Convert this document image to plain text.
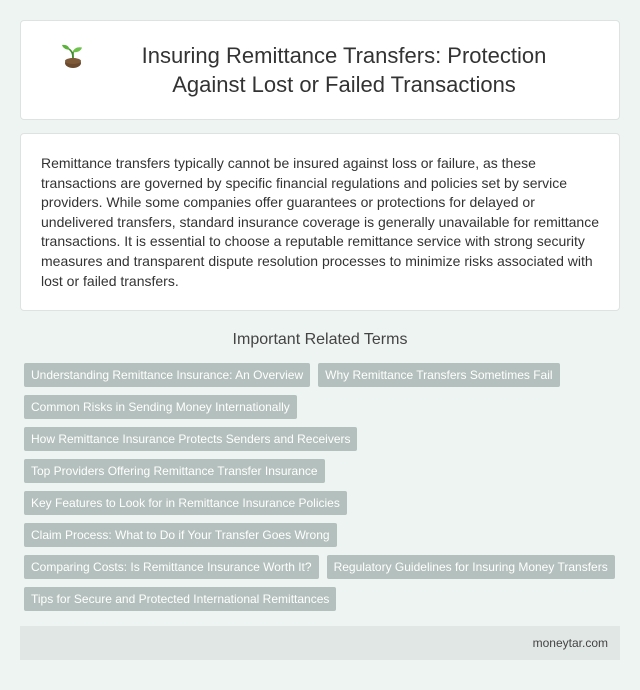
Insuring Remittance Transfers: Protection Against Lost or Failed Transactions

Remittance transfers typically cannot be insured against loss or failure, as these transactions are governed by specific financial regulations and policies set by service providers. While some companies offer guarantees or protections for delayed or undelivered transfers, standard insurance coverage is generally unavailable for remittance transactions. It is essential to choose a reputable remittance service with strong security measures and transparent dispute resolution processes to minimize risks associated with lost or failed transfers.

Important Related Terms
Understanding Remittance Insurance: An Overview	Why Remittance Transfers Sometimes Fail
Common Risks in Sending Money Internationally
How Remittance Insurance Protects Senders and Receivers
Top Providers Offering Remittance Transfer Insurance
Key Features to Look for in Remittance Insurance Policies
Claim Process: What to Do if Your Transfer Goes Wrong
Comparing Costs: Is Remittance Insurance Worth It?	Regulatory Guidelines for Insuring Money Transfers
Tips for Secure and Protected International Remittances
moneytar.com
